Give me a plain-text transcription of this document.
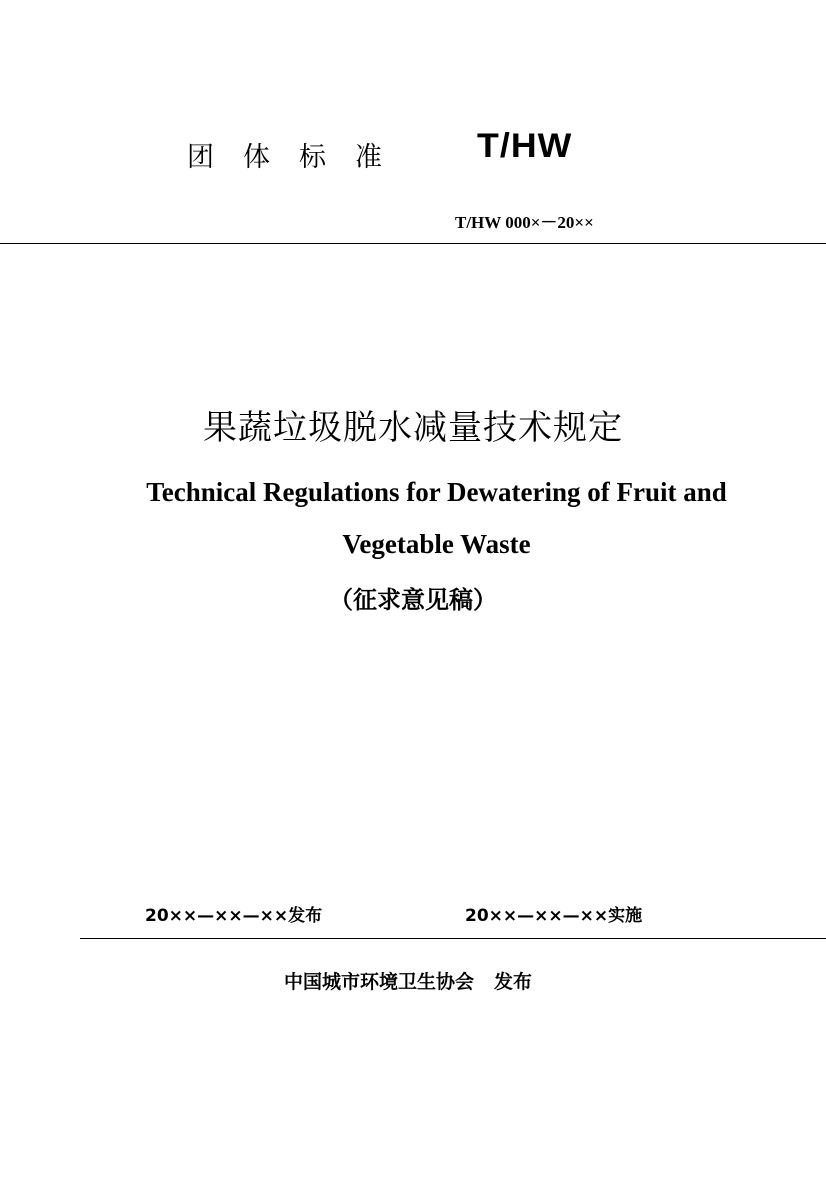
团体标准 T/HW
T/HW 000×－20××
果蔬垃圾脱水减量技术规定
Technical Regulations for Dewatering of Fruit and Vegetable Waste
（征求意见稿）
20××—××—××发布	20××—××—××实施
中国城市环境卫生协会 发布
